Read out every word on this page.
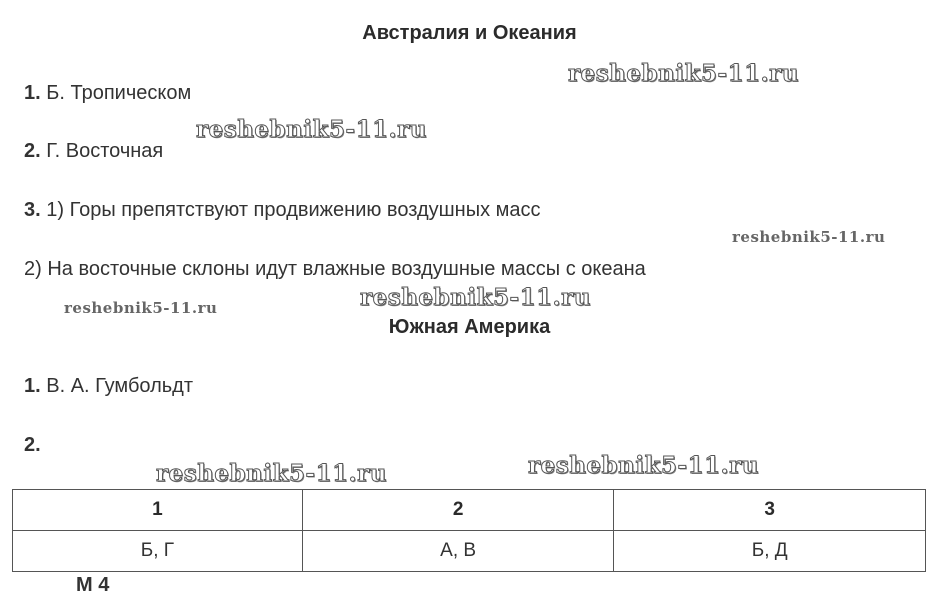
Австралия и Океания
reshebnik5-11.ru
1. Б. Тропическом
reshebnik5-11.ru
2. Г. Восточная
3. 1) Горы препятствуют продвижению воздушных масс
reshebnik5-11.ru
2) На восточные склоны идут влажные воздушные массы с океана
reshebnik5-11.ru
reshebnik5-11.ru
Южная Америка
1. В. А. Гумбольдт
2.
reshebnik5-11.ru
reshebnik5-11.ru
1	2	3
Б, Г	А, В	Б, Д
М 4
